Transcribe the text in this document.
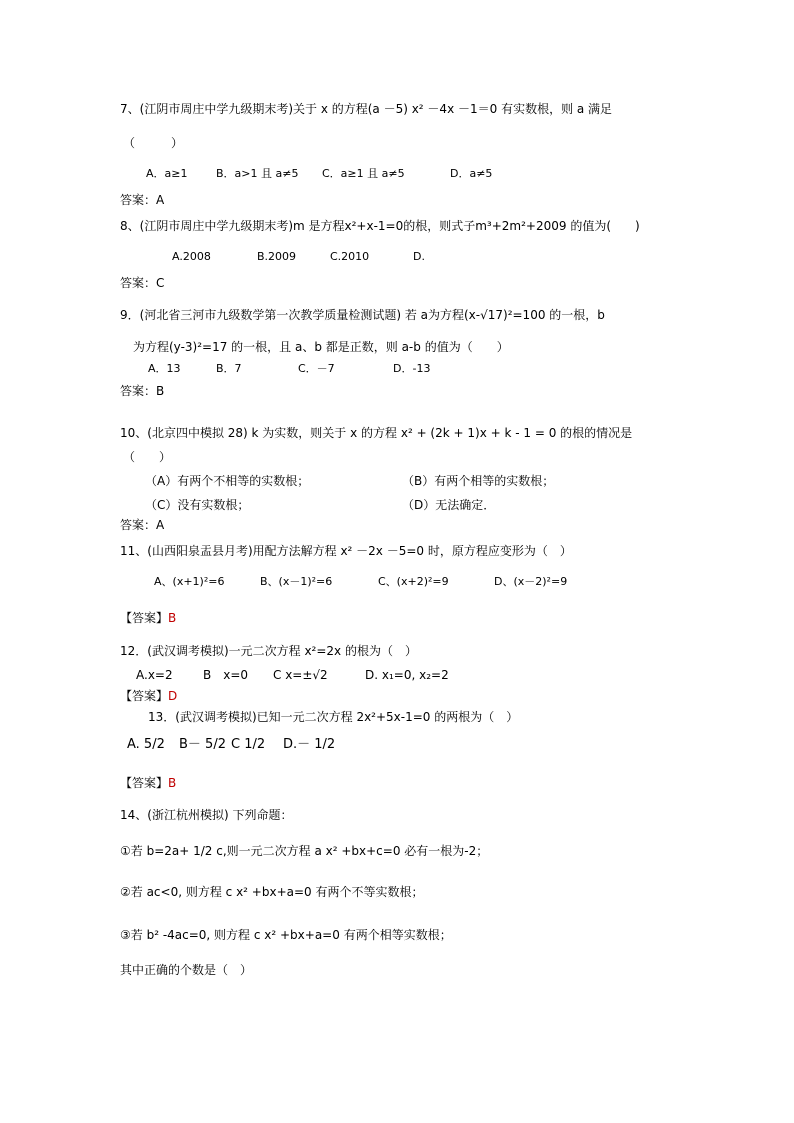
7、(江阴市周庄中学九级期末考)关于 x 的方程(a －5) x² －4x －1＝0 有实数根，则 a 满足
（　　　）
A．a≥1	B．a>1 且 a≠5 C．a≥1 且 a≠5	D．a≠5
答案：A
8、(江阴市周庄中学九级期末考)m 是方程x²+x-1=0的根，则式子m³+2m²+2009 的值为(　　)
A.2008	B.2009	C.2010	D.
答案：C
9．(河北省三河市九级数学第一次教学质量检测试题) 若 a为方程(x-√17)²=100 的一根，b
为方程(y-3)²=17 的一根，且 a、b 都是正数，则 a-b 的值为（　　）
A．13	B．7	C．－7	D．-13
答案：B
10、(北京四中模拟 28) k 为实数，则关于 x 的方程 x² + (2k + 1)x + k - 1 = 0 的根的情况是
（　　）
（A）有两个不相等的实数根；	（B）有两个相等的实数根；
（C）没有实数根；	（D）无法确定．
答案：A
11、(山西阳泉盂县月考)用配方法解方程 x² －2x －5=0 时，原方程应变形为（　）
A、(x+1)²=6	B、(x－1)²=6	C、(x+2)²=9	D、(x－2)²=9
【答案】B
12．(武汉调考模拟)一元二次方程 x²=2x 的根为（　）
A.x=2	B　x=0 C x=±√2	D. x₁=0, x₂=2
【答案】D
13．(武汉调考模拟)已知一元二次方程 2x²+5x-1=0 的两根为（　）
A. 5/2 B－ 5/2 C 1/2 D.－ 1/2
【答案】B
14、(浙江杭州模拟) 下列命题：
①若 b=2a+ 1/2 c,则一元二次方程 a x² +bx+c=0 必有一根为-2；
②若 ac<0, 则方程 c x² +bx+a=0 有两个不等实数根；
③若 b² -4ac=0, 则方程 c x² +bx+a=0 有两个相等实数根；
其中正确的个数是（　）
